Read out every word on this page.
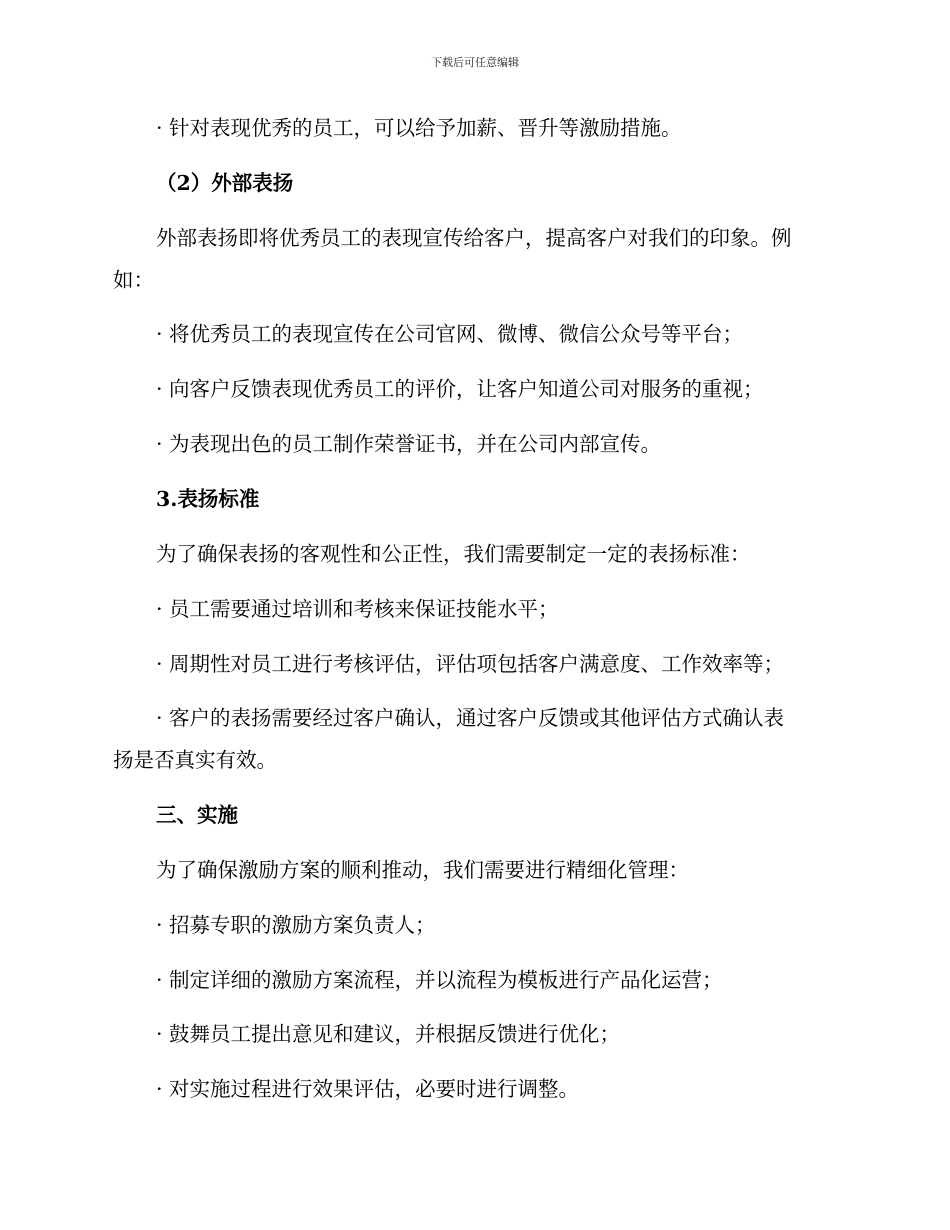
下载后可任意编辑
· 针对表现优秀的员工，可以给予加薪、晋升等激励措施。
（2）外部表扬
外部表扬即将优秀员工的表现宣传给客户，提高客户对我们的印象。例
如：
· 将优秀员工的表现宣传在公司官网、微博、微信公众号等平台；
· 向客户反馈表现优秀员工的评价，让客户知道公司对服务的重视；
· 为表现出色的员工制作荣誉证书，并在公司内部宣传。
3.表扬标准
为了确保表扬的客观性和公正性，我们需要制定一定的表扬标准：
· 员工需要通过培训和考核来保证技能水平；
· 周期性对员工进行考核评估，评估项包括客户满意度、工作效率等；
· 客户的表扬需要经过客户确认，通过客户反馈或其他评估方式确认表
扬是否真实有效。
三、实施
为了确保激励方案的顺利推动，我们需要进行精细化管理：
· 招募专职的激励方案负责人；
· 制定详细的激励方案流程，并以流程为模板进行产品化运营；
· 鼓舞员工提出意见和建议，并根据反馈进行优化；
· 对实施过程进行效果评估，必要时进行调整。
